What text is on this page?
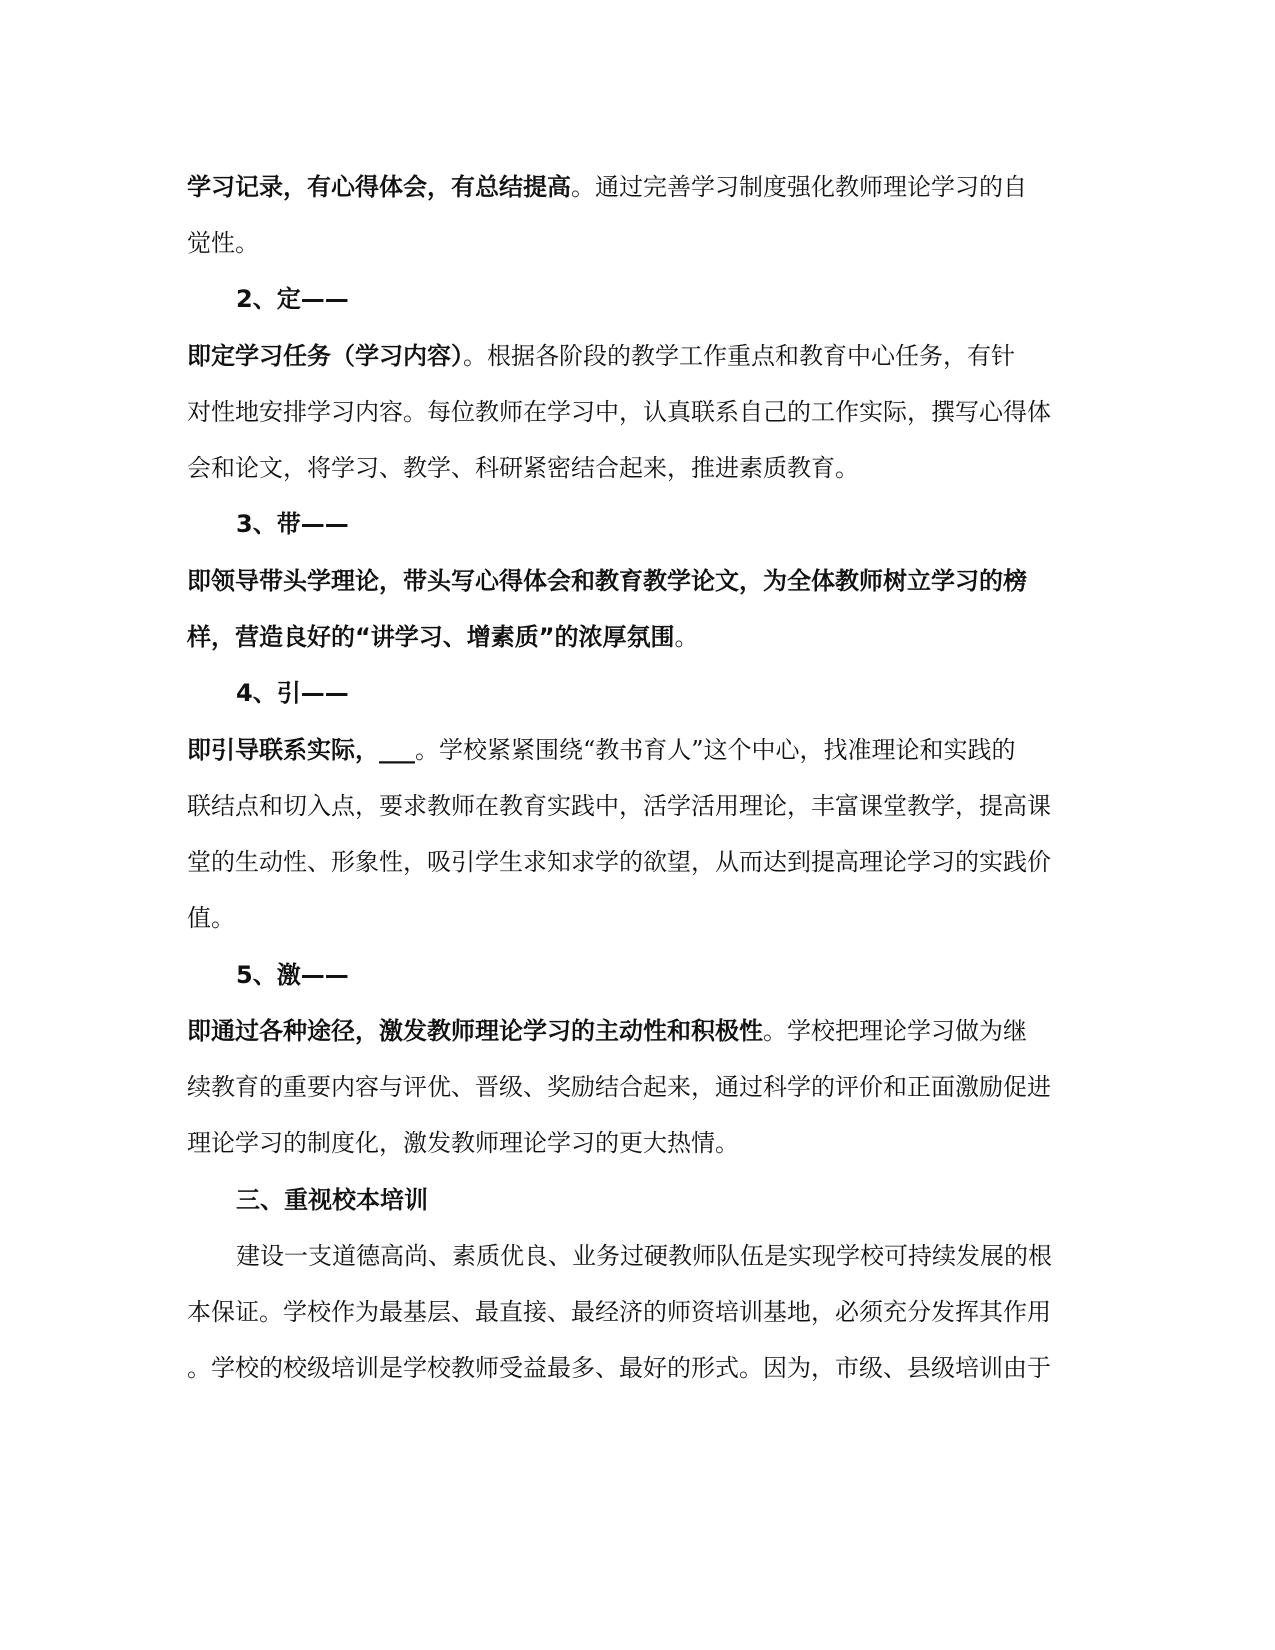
学习记录，有心得体会，有总结提高。通过完善学习制度强化教师理论学习的自
觉性。
2、定——
即定学习任务（学习内容）。根据各阶段的教学工作重点和教育中心任务，有针
对性地安排学习内容。每位教师在学习中，认真联系自己的工作实际，撰写心得体
会和论文，将学习、教学、科研紧密结合起来，推进素质教育。
3、带——
即领导带头学理论，带头写心得体会和教育教学论文，为全体教师树立学习的榜
样，营造良好的“讲学习、增素质”的浓厚氛围。
4、引——
即引导联系实际，___。学校紧紧围绕“教书育人”这个中心，找准理论和实践的
联结点和切入点，要求教师在教育实践中，活学活用理论，丰富课堂教学，提高课
堂的生动性、形象性，吸引学生求知求学的欲望，从而达到提高理论学习的实践价
值。
5、激——
即通过各种途径，激发教师理论学习的主动性和积极性。学校把理论学习做为继
续教育的重要内容与评优、晋级、奖励结合起来，通过科学的评价和正面激励促进
理论学习的制度化，激发教师理论学习的更大热情。
三、重视校本培训
建设一支道德高尚、素质优良、业务过硬教师队伍是实现学校可持续发展的根
本保证。学校作为最基层、最直接、最经济的师资培训基地，必须充分发挥其作用
。学校的校级培训是学校教师受益最多、最好的形式。因为，市级、县级培训由于
